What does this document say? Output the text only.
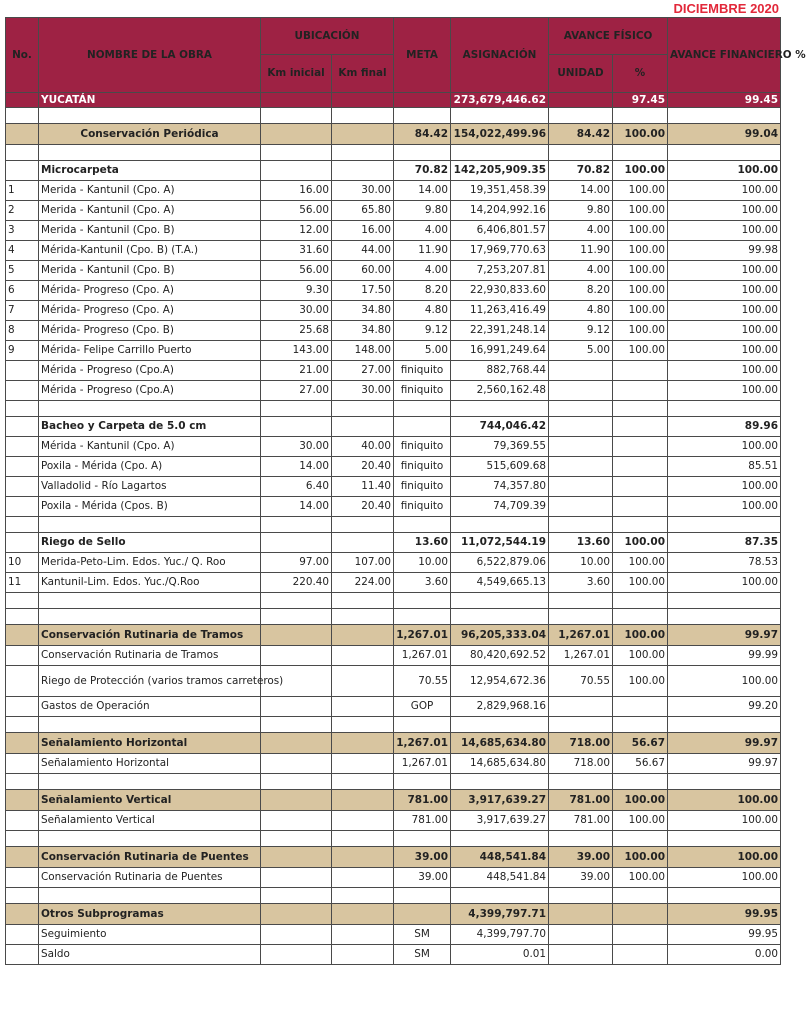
DICIEMBRE 2020
No.	NOMBRE DE LA OBRA	UBICACIÓN		META	ASIGNACIÓN	AVANCE FÍSICO		AVANCE FINANCIERO %
		Km inicial	Km final			UNIDAD	%	
	YUCATÁN				273,679,446.62		97.45	99.45

	Conservación Periódica			84.42	154,022,499.96	84.42	100.00	99.04

	Microcarpeta			70.82	142,205,909.35	70.82	100.00	100.00
1	Merida - Kantunil (Cpo. A)	16.00	30.00	14.00	19,351,458.39	14.00	100.00	100.00
2	Merida - Kantunil (Cpo. A)	56.00	65.80	9.80	14,204,992.16	9.80	100.00	100.00
3	Merida - Kantunil (Cpo. B)	12.00	16.00	4.00	6,406,801.57	4.00	100.00	100.00
4	Mérida-Kantunil (Cpo. B) (T.A.)	31.60	44.00	11.90	17,969,770.63	11.90	100.00	99.98
5	Merida - Kantunil (Cpo. B)	56.00	60.00	4.00	7,253,207.81	4.00	100.00	100.00
6	Mérida- Progreso (Cpo. A)	9.30	17.50	8.20	22,930,833.60	8.20	100.00	100.00
7	Mérida- Progreso (Cpo. A)	30.00	34.80	4.80	11,263,416.49	4.80	100.00	100.00
8	Mérida- Progreso (Cpo. B)	25.68	34.80	9.12	22,391,248.14	9.12	100.00	100.00
9	Mérida- Felipe Carrillo Puerto	143.00	148.00	5.00	16,991,249.64	5.00	100.00	100.00
	Mérida - Progreso (Cpo.A)	21.00	27.00	finiquito	882,768.44			100.00
	Mérida - Progreso (Cpo.A)	27.00	30.00	finiquito	2,560,162.48			100.00

	Bacheo y Carpeta de 5.0 cm				744,046.42			89.96
	Mérida - Kantunil (Cpo. A)	30.00	40.00	finiquito	79,369.55			100.00
	Poxila - Mérida (Cpo. A)	14.00	20.40	finiquito	515,609.68			85.51
	Valladolid - Río Lagartos	6.40	11.40	finiquito	74,357.80			100.00
	Poxila - Mérida (Cpos. B)	14.00	20.40	finiquito	74,709.39			100.00

	Riego de Sello			13.60	11,072,544.19	13.60	100.00	87.35
10	Merida-Peto-Lim. Edos. Yuc./ Q. Roo	97.00	107.00	10.00	6,522,879.06	10.00	100.00	78.53
11	Kantunil-Lim. Edos. Yuc./Q.Roo	220.40	224.00	3.60	4,549,665.13	3.60	100.00	100.00

	Conservación Rutinaria de Tramos			1,267.01	96,205,333.04	1,267.01	100.00	99.97
	Conservación Rutinaria de Tramos			1,267.01	80,420,692.52	1,267.01	100.00	99.99
	Riego de Protección (varios tramos carreteros)			70.55	12,954,672.36	70.55	100.00	100.00
	Gastos de Operación			GOP	2,829,968.16			99.20

	Señalamiento Horizontal			1,267.01	14,685,634.80	718.00	56.67	99.97
	Señalamiento Horizontal			1,267.01	14,685,634.80	718.00	56.67	99.97

	Señalamiento Vertical			781.00	3,917,639.27	781.00	100.00	100.00
	Señalamiento Vertical			781.00	3,917,639.27	781.00	100.00	100.00

	Conservación Rutinaria de Puentes			39.00	448,541.84	39.00	100.00	100.00
	Conservación Rutinaria de Puentes			39.00	448,541.84	39.00	100.00	100.00

	Otros Subprogramas				4,399,797.71			99.95
	Seguimiento			SM	4,399,797.70			99.95
	Saldo			SM	0.01			0.00
